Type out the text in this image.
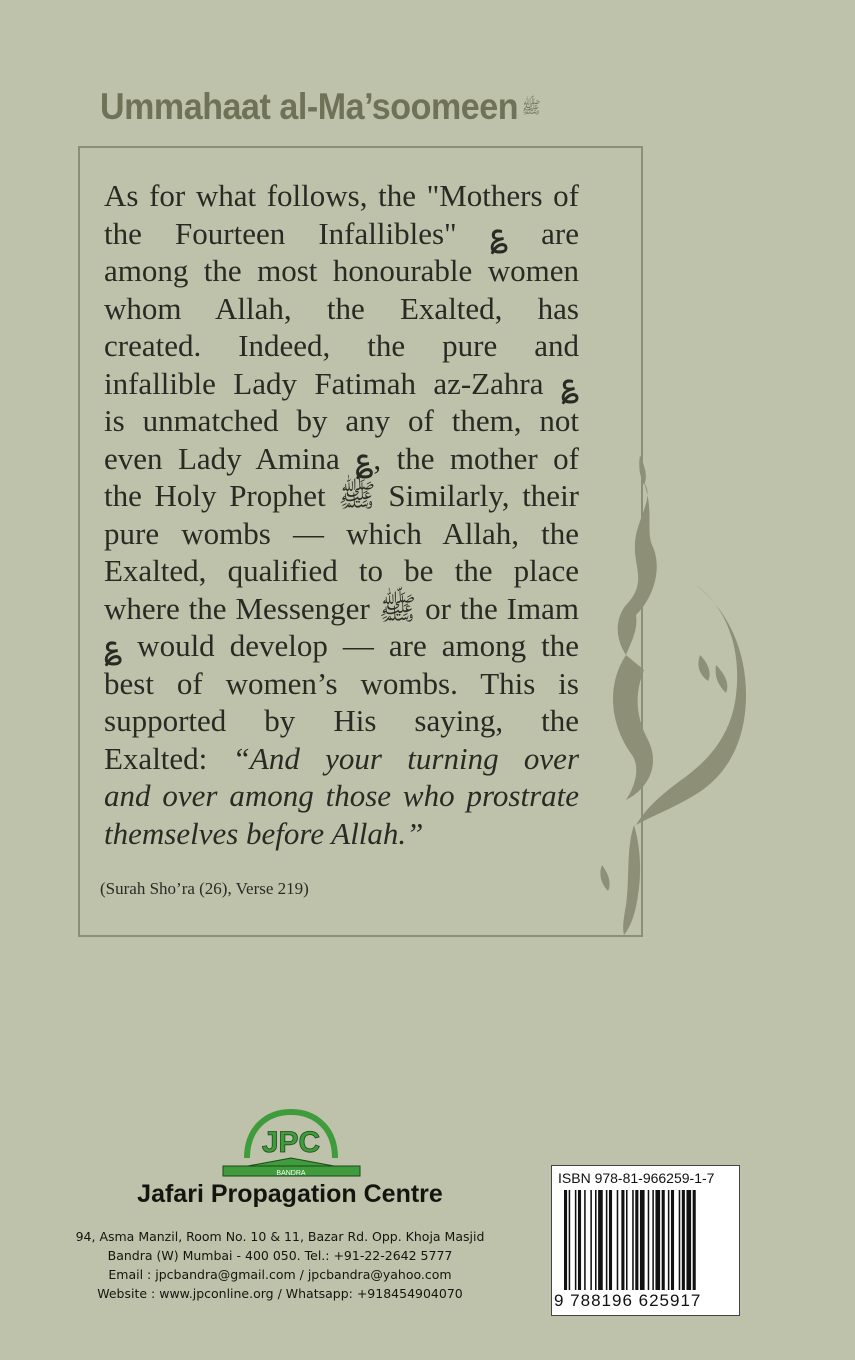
Ummahaat al-Ma’soomeen ﷺ
As for what follows, the "Mothers of
the Fourteen Infallibles" ؏ are
among the most honourable women
whom Allah, the Exalted, has
created. Indeed, the pure and
infallible Lady Fatimah az-Zahra ؏
is unmatched by any of them, not
even Lady Amina ؏, the mother of
the Holy Prophet ﷺ Similarly, their
pure wombs — which Allah, the
Exalted, qualified to be the place
where the Messenger ﷺ or the Imam
؏ would develop — are among the
best of women’s wombs. This is
supported by His saying, the
Exalted: “And your turning over
and over among those who prostrate
themselves before Allah.”
(Surah Sho’ra (26), Verse 219)
JPC
BANDRA
Jafari Propagation Centre
94, Asma Manzil, Room No. 10 & 11, Bazar Rd. Opp. Khoja Masjid
Bandra (W) Mumbai - 400 050. Tel.: +91-22-2642 5777
Email : jpcbandra@gmail.com / jpcbandra@yahoo.com
Website : www.jpconline.org / Whatsapp: +918454904070
ISBN 978-81-966259-1-7
9 788196 625917
